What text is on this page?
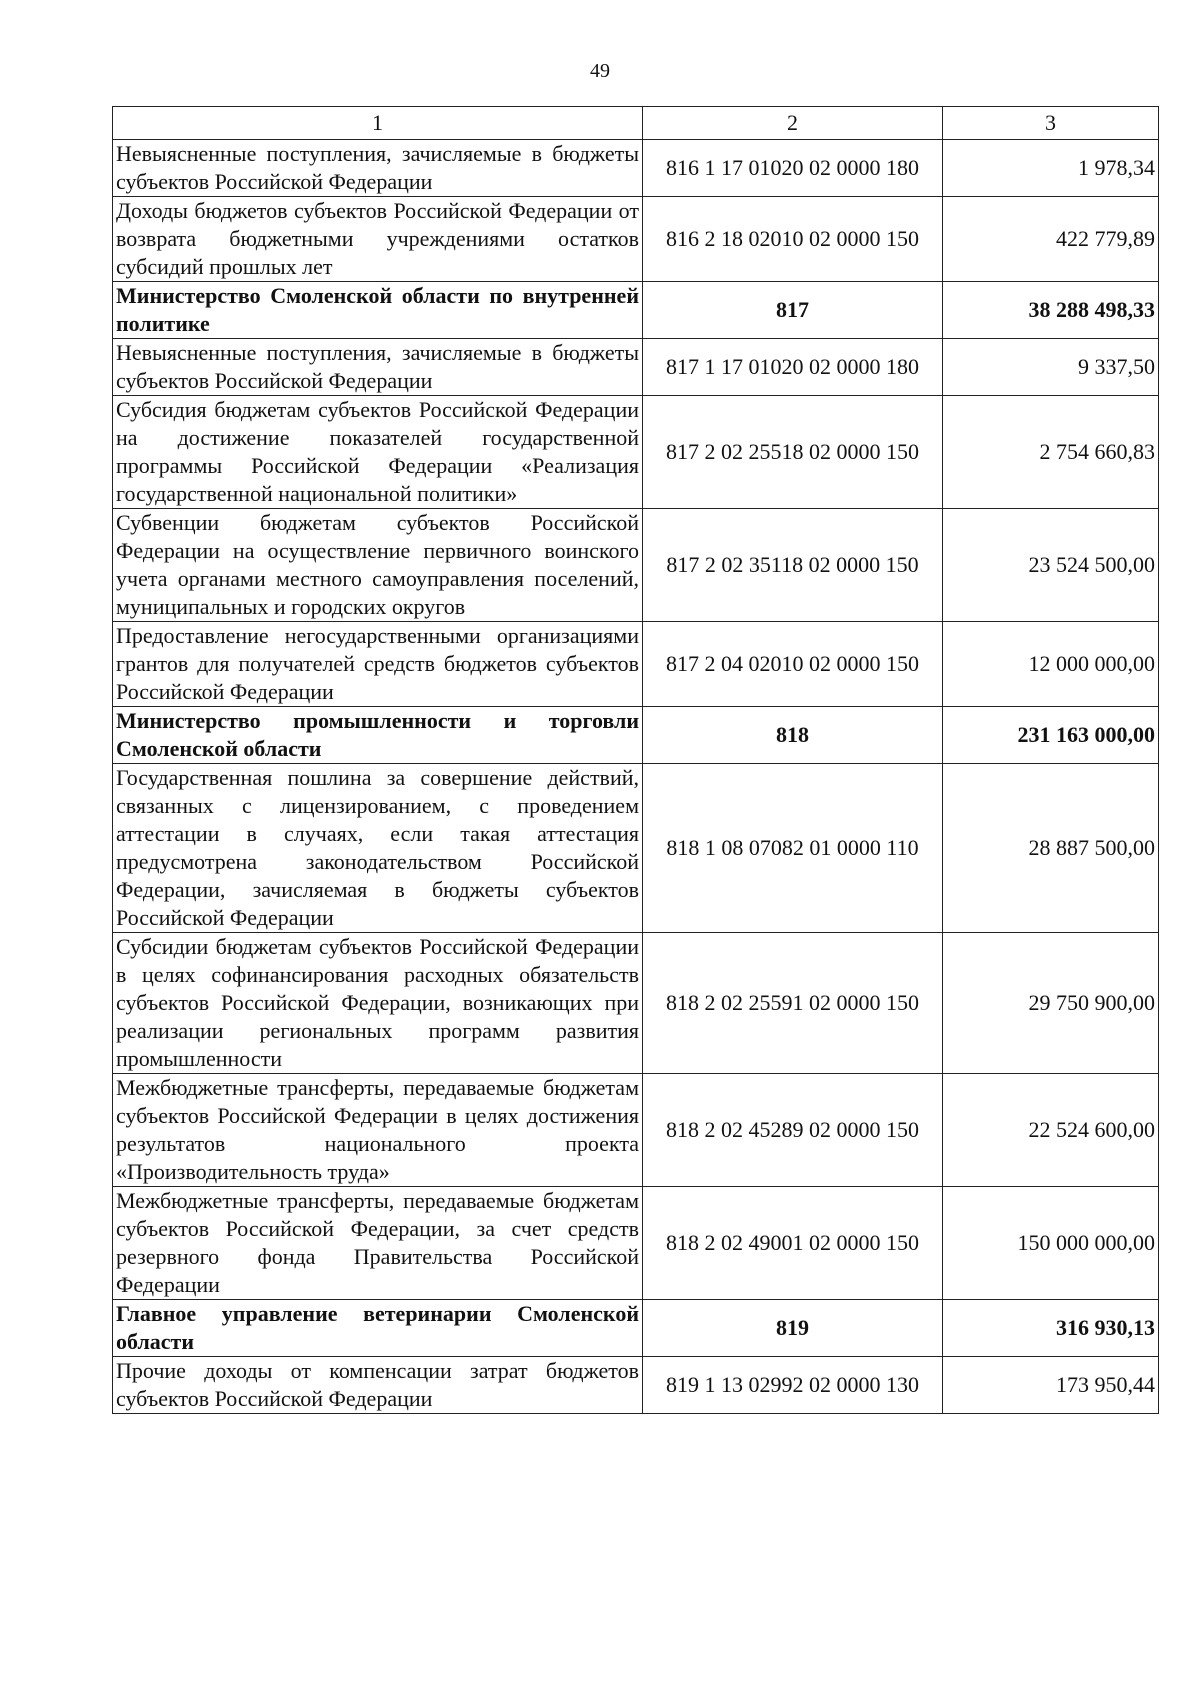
49
1	2	3
Невыясненные поступления, зачисляемые в бюджеты субъектов Российской Федерации	816 1 17 01020 02 0000 180	1 978,34
Доходы бюджетов субъектов Российской Федерации от возврата бюджетными учреждениями остатков субсидий прошлых лет	816 2 18 02010 02 0000 150	422 779,89
Министерство Смоленской области по внутренней политике	817	38 288 498,33
Невыясненные поступления, зачисляемые в бюджеты субъектов Российской Федерации	817 1 17 01020 02 0000 180	9 337,50
Субсидия бюджетам субъектов Российской Федерации на достижение показателей государственной программы Российской Федерации «Реализация государственной национальной политики»	817 2 02 25518 02 0000 150	2 754 660,83
Субвенции бюджетам субъектов Российской Федерации на осуществление первичного воинского учета органами местного самоуправления поселений, муниципальных и городских округов	817 2 02 35118 02 0000 150	23 524 500,00
Предоставление негосударственными организациями грантов для получателей средств бюджетов субъектов Российской Федерации	817 2 04 02010 02 0000 150	12 000 000,00
Министерство промышленности и торговли Смоленской области	818	231 163 000,00
Государственная пошлина за совершение действий, связанных с лицензированием, с проведением аттестации в случаях, если такая аттестация предусмотрена законодательством Российской Федерации, зачисляемая в бюджеты субъектов Российской Федерации	818 1 08 07082 01 0000 110	28 887 500,00
Субсидии бюджетам субъектов Российской Федерации в целях софинансирования расходных обязательств субъектов Российской Федерации, возникающих при реализации региональных программ развития промышленности	818 2 02 25591 02 0000 150	29 750 900,00
Межбюджетные трансферты, передаваемые бюджетам субъектов Российской Федерации в целях достижения результатов национального проекта «Производительность труда»	818 2 02 45289 02 0000 150	22 524 600,00
Межбюджетные трансферты, передаваемые бюджетам субъектов Российской Федерации, за счет средств резервного фонда Правительства Российской Федерации	818 2 02 49001 02 0000 150	150 000 000,00
Главное управление ветеринарии Смоленской области	819	316 930,13
Прочие доходы от компенсации затрат бюджетов субъектов Российской Федерации	819 1 13 02992 02 0000 130	173 950,44
